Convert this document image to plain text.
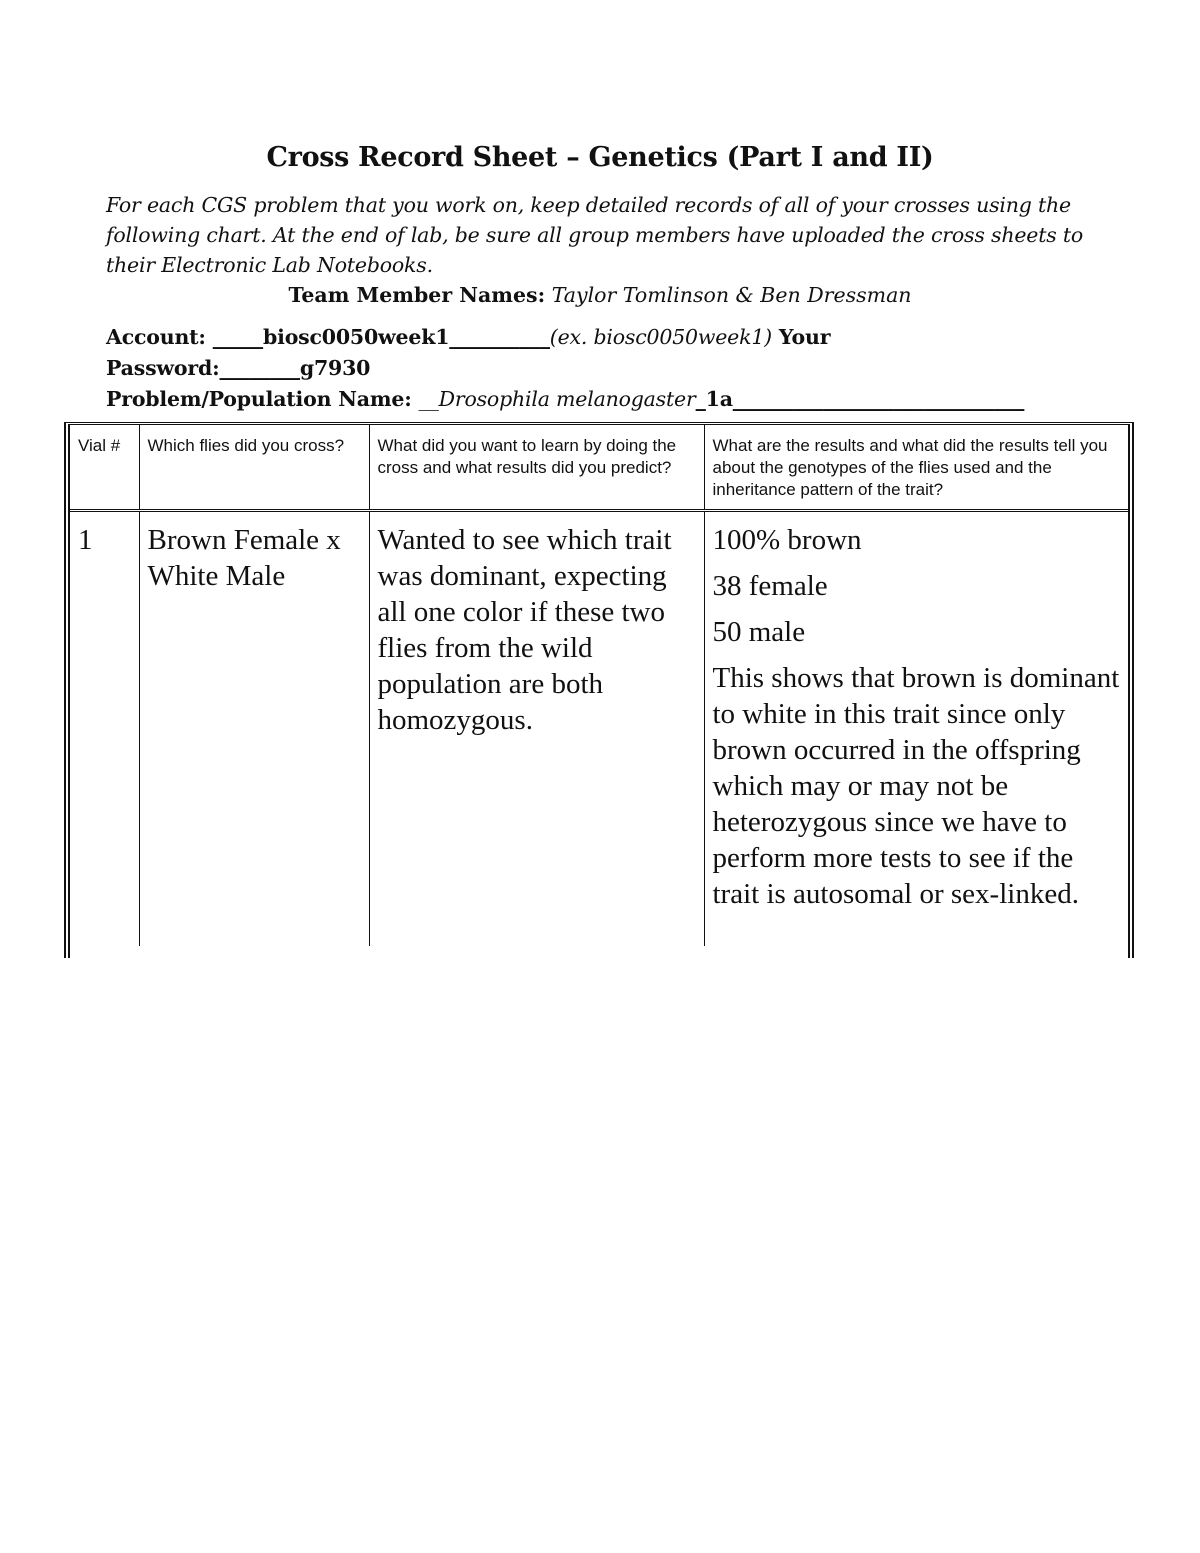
Cross Record Sheet – Genetics (Part I and II)
For each CGS problem that you work on, keep detailed records of all of your crosses using the following chart. At the end of lab, be sure all group members have uploaded the cross sheets to their Electronic Lab Notebooks.
Team Member Names: Taylor Tomlinson & Ben Dressman
Account: _____biosc0050week1__________(ex. biosc0050week1) Your
Password:________g7930
Problem/Population Name: __Drosophila melanogaster_1a_____________________________
Vial #	Which flies did you cross?	What did you want to learn by doing the cross and what results did you predict?	What are the results and what did the results tell you about the genotypes of the flies used and the inheritance pattern of the trait?
1	Brown Female x White Male	Wanted to see which trait was dominant, expecting all one color if these two flies from the wild population are both homozygous.	100% brown

38 female

50 male

This shows that brown is dominant to white in this trait since only brown occurred in the offspring which may or may not be heterozygous since we have to perform more tests to see if the trait is autosomal or sex-linked.
